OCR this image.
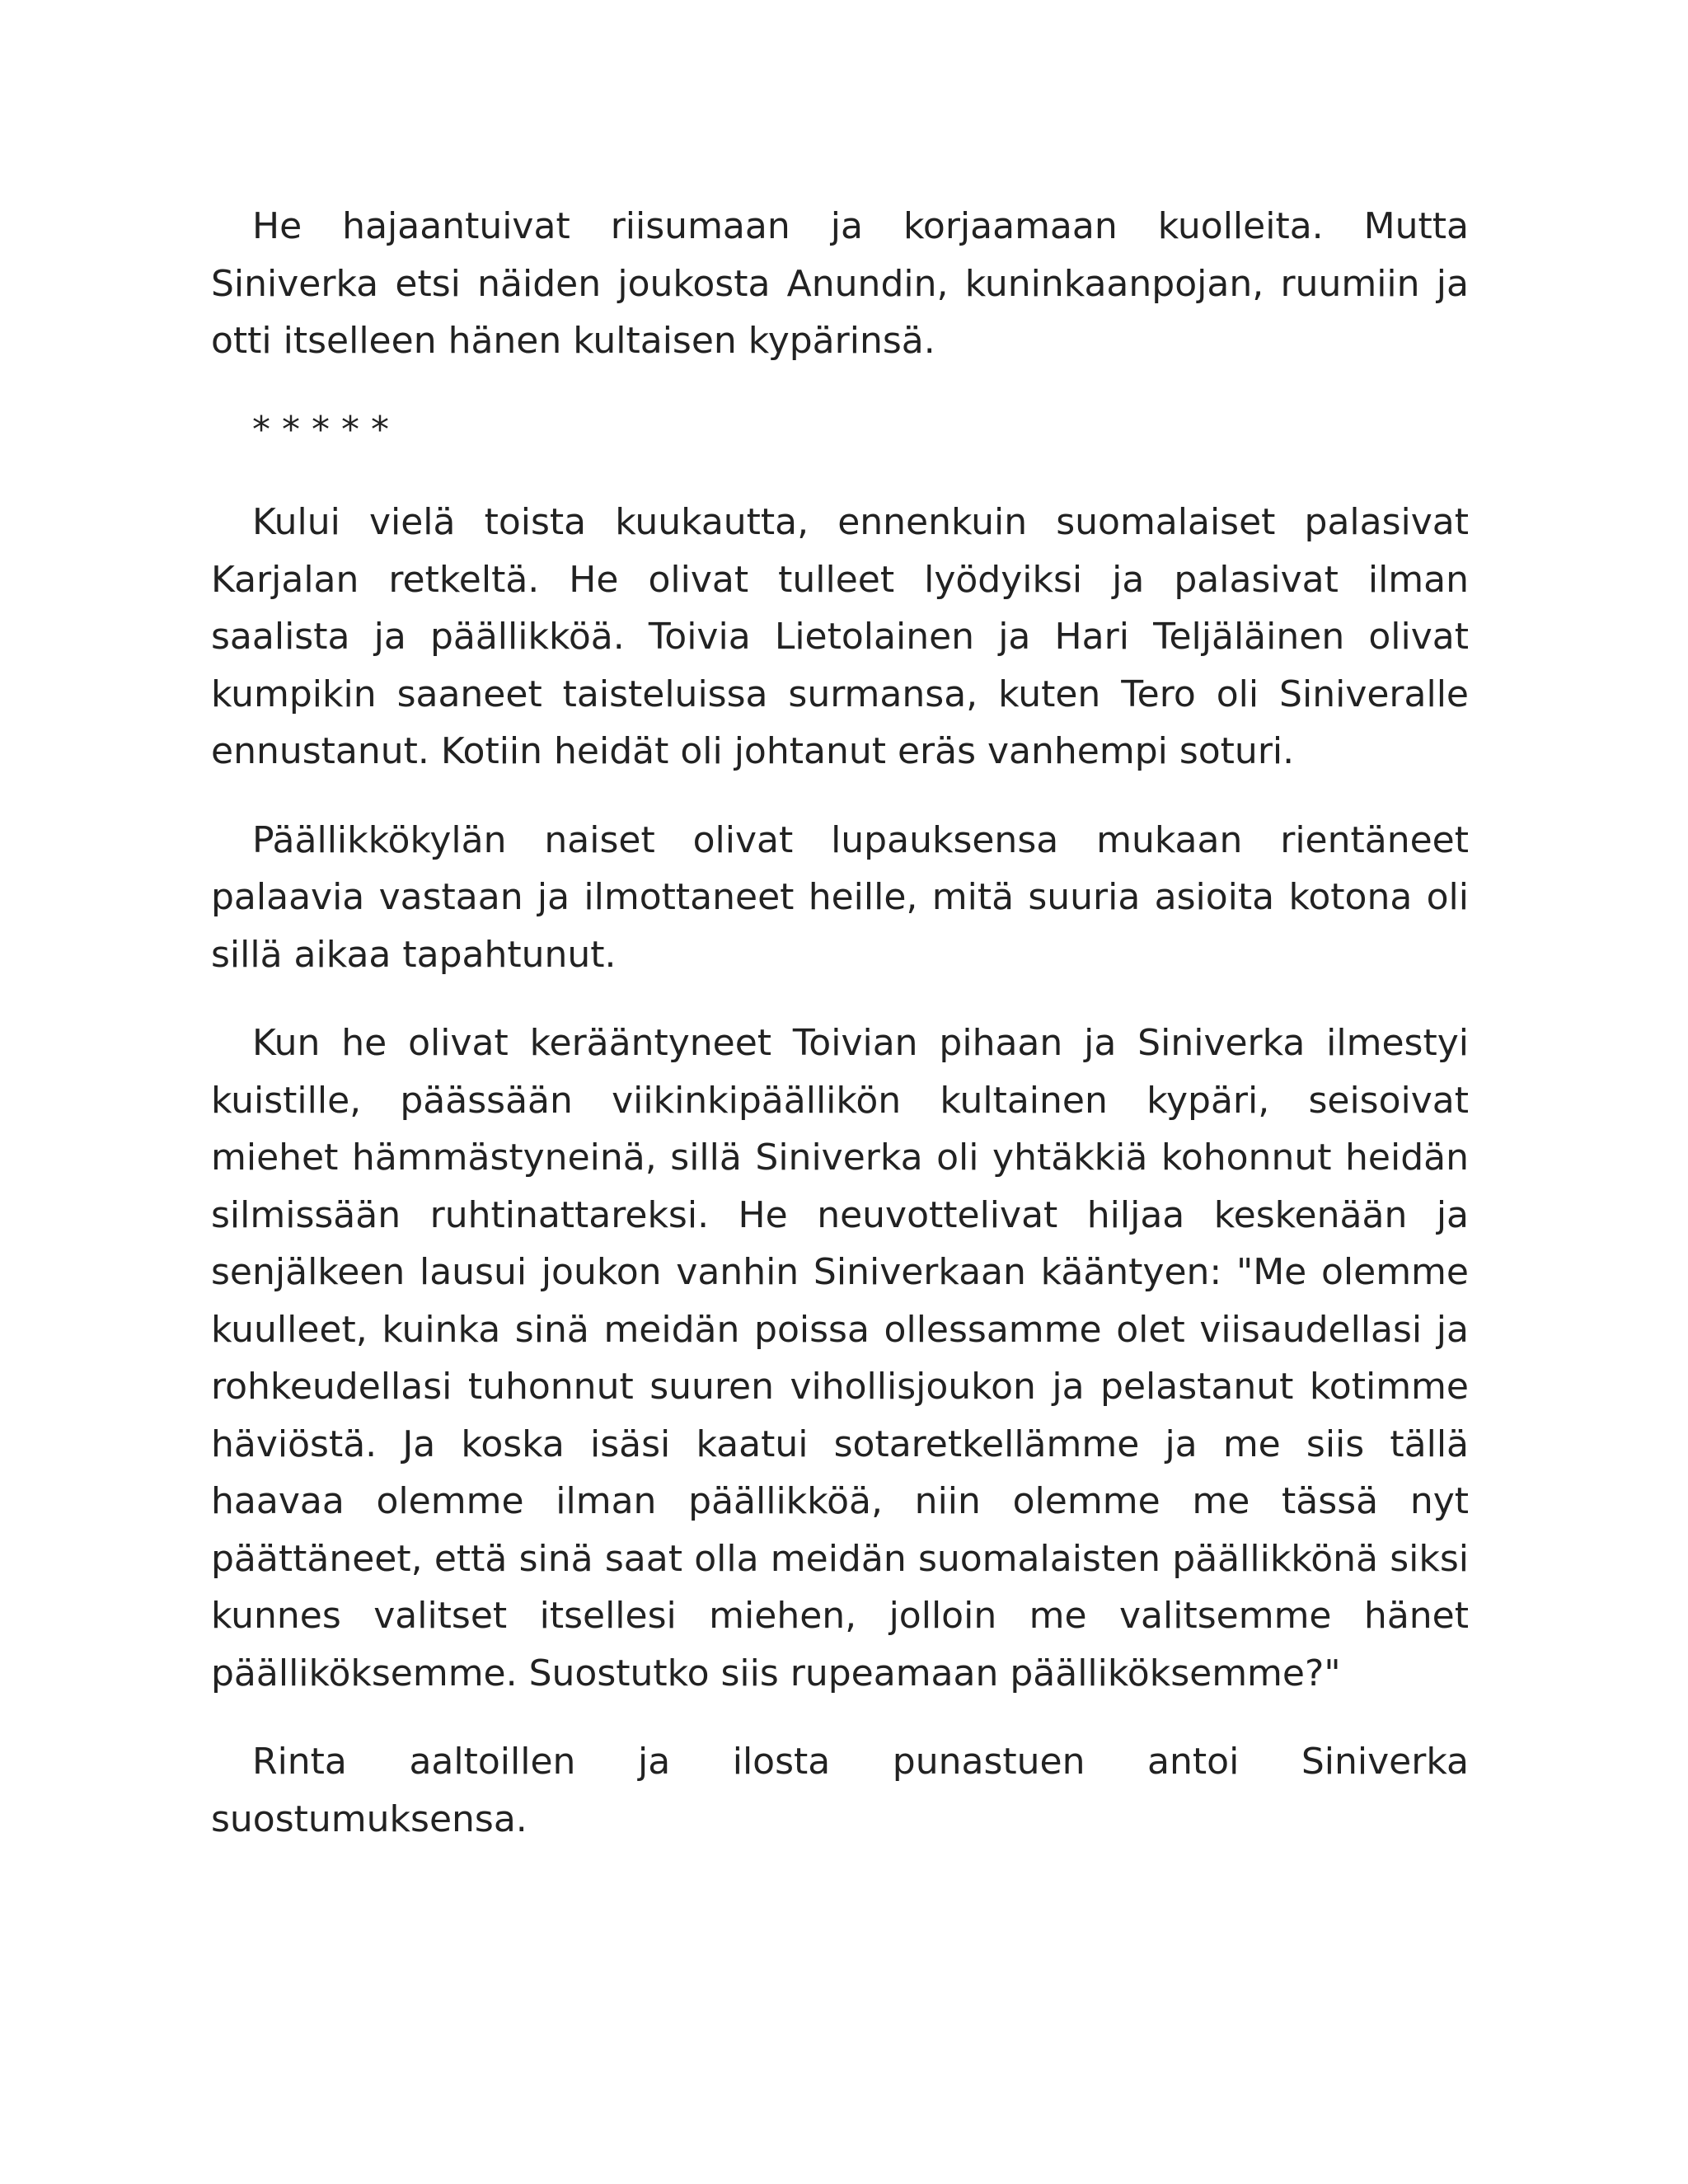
He hajaantuivat riisumaan ja korjaamaan kuolleita. Mutta Siniverka etsi näiden joukosta Anundin, kuninkaanpojan, ruumiin ja otti itselleen hänen kultaisen kypärinsä.

* * * * *

Kului vielä toista kuukautta, ennenkuin suomalaiset palasivat Karjalan retkeltä. He olivat tulleet lyödyiksi ja palasivat ilman saalista ja päällikköä. Toivia Lietolainen ja Hari Teljäläinen olivat kumpikin saaneet taisteluissa surmansa, kuten Tero oli Siniveralle ennustanut. Kotiin heidät oli johtanut eräs vanhempi soturi.

Päällikkökylän naiset olivat lupauksensa mukaan rientäneet palaavia vastaan ja ilmottaneet heille, mitä suuria asioita kotona oli sillä aikaa tapahtunut.

Kun he olivat kerääntyneet Toivian pihaan ja Siniverka ilmestyi kuistille, päässään viikinkipäällikön kultainen kypäri, seisoivat miehet hämmästyneinä, sillä Siniverka oli yhtäkkiä kohonnut heidän silmissään ruhtinattareksi. He neuvottelivat hiljaa keskenään ja senjälkeen lausui joukon vanhin Siniverkaan kääntyen: "Me olemme kuulleet, kuinka sinä meidän poissa ollessamme olet viisaudellasi ja rohkeudellasi tuhonnut suuren vihollisjoukon ja pelastanut kotimme häviöstä. Ja koska isäsi kaatui sotaretkellämme ja me siis tällä haavaa olemme ilman päällikköä, niin olemme me tässä nyt päättäneet, että sinä saat olla meidän suomalaisten päällikkönä siksi kunnes valitset itsellesi miehen, jolloin me valitsemme hänet päälliköksemme. Suostutko siis rupeamaan päälliköksemme?"

Rinta aaltoillen ja ilosta punastuen antoi Siniverka suostumuksensa.
